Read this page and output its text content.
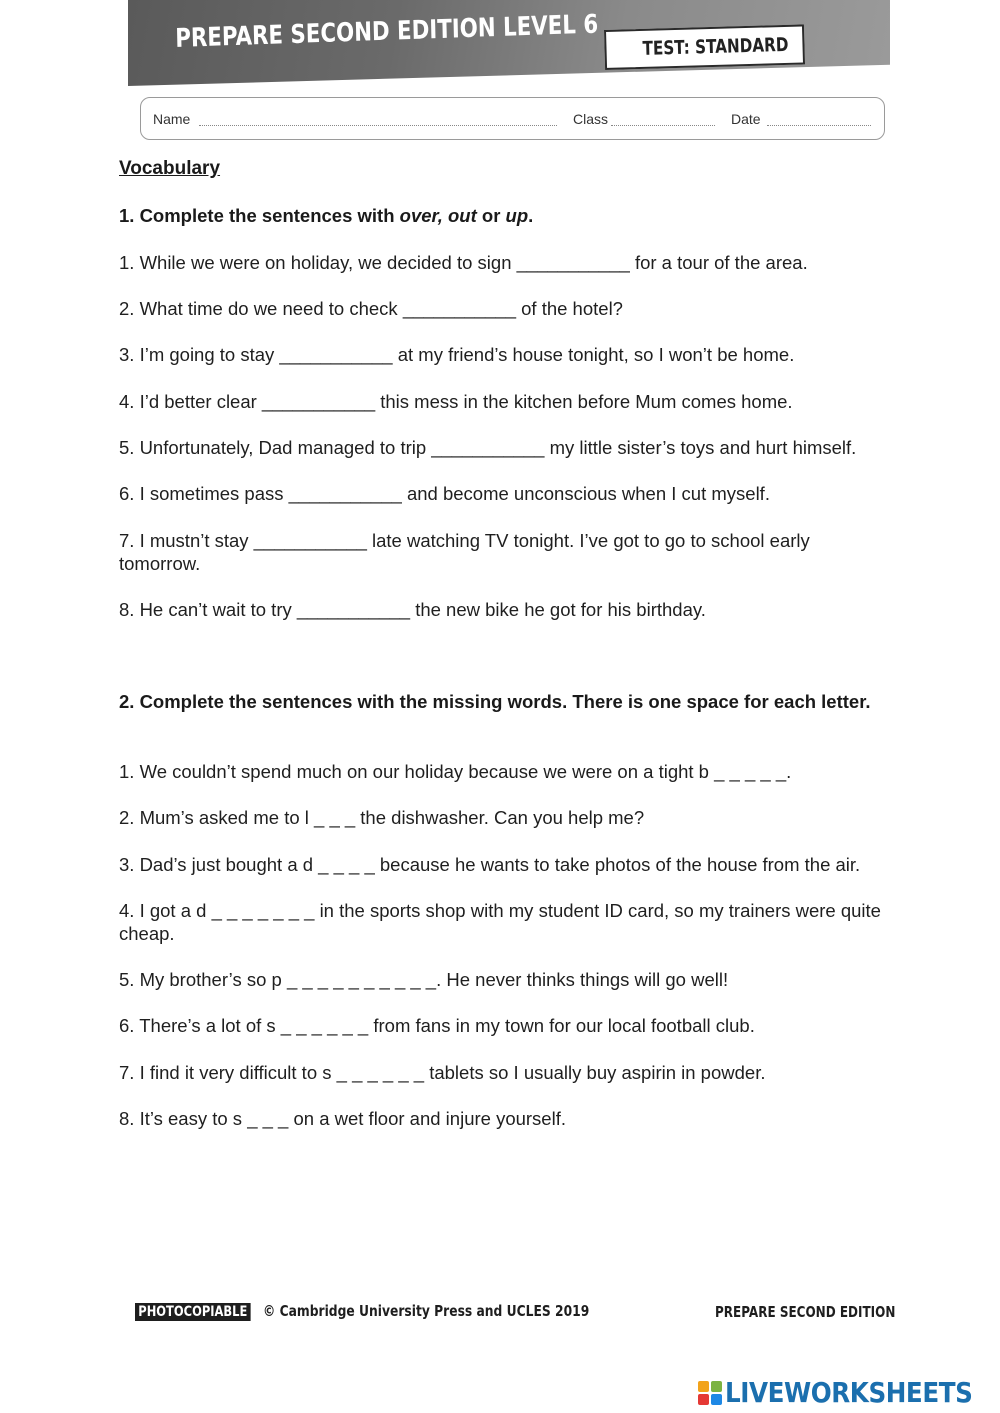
PREPARE SECOND EDITION LEVEL 6 TEST: STANDARD
Name	Class	Date
Vocabulary
1. Complete the sentences with over, out or up.
1. While we were on holiday, we decided to sign ___________ for a tour of the area.
2. What time do we need to check ___________ of the hotel?
3. I’m going to stay ___________ at my friend’s house tonight, so I won’t be home.
4. I’d better clear ___________ this mess in the kitchen before Mum comes home.
5. Unfortunately, Dad managed to trip ___________ my little sister’s toys and hurt himself.
6. I sometimes pass ___________ and become unconscious when I cut myself.
7. I mustn’t stay ___________ late watching TV tonight. I’ve got to go to school early tomorrow.
8. He can’t wait to try ___________ the new bike he got for his birthday.
2. Complete the sentences with the missing words. There is one space for each letter.
1. We couldn’t spend much on our holiday because we were on a tight b _ _ _ _ _.
2. Mum’s asked me to l _ _ _ the dishwasher. Can you help me?
3. Dad’s just bought a d _ _ _ _ because he wants to take photos of the house from the air.
4. I got a d _ _ _ _ _ _ _ in the sports shop with my student ID card, so my trainers were quite cheap.
5. My brother’s so p _ _ _ _ _ _ _ _ _ _. He never thinks things will go well!
6. There’s a lot of s _ _ _ _ _ _ from fans in my town for our local football club.
7. I find it very difficult to s _ _ _ _ _ _ tablets so I usually buy aspirin in powder.
8. It’s easy to s _ _ _ on a wet floor and injure yourself.
PHOTOCOPIABLE © Cambridge University Press and UCLES 2019	PREPARE SECOND EDITION
LIVEWORKSHEETS
